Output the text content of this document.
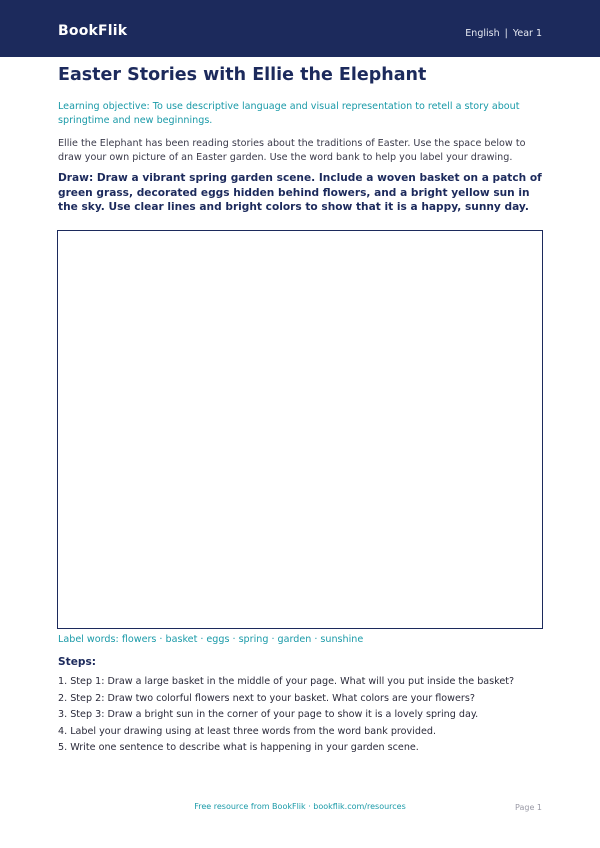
BookFlik	English | Year 1
Easter Stories with Ellie the Elephant

Learning objective: To use descriptive language and visual representation to retell a story about springtime and new beginnings.

Ellie the Elephant has been reading stories about the traditions of Easter. Use the space below to draw your own picture of an Easter garden. Use the word bank to help you label your drawing.

Draw: Draw a vibrant spring garden scene. Include a woven basket on a patch of green grass, decorated eggs hidden behind flowers, and a bright yellow sun in the sky. Use clear lines and bright colors to show that it is a happy, sunny day.

Label words: flowers · basket · eggs · spring · garden · sunshine
Steps:
1. Step 1: Draw a large basket in the middle of your page. What will you put inside the basket?
2. Step 2: Draw two colorful flowers next to your basket. What colors are your flowers?
3. Step 3: Draw a bright sun in the corner of your page to show it is a lovely spring day.
4. Label your drawing using at least three words from the word bank provided.
5. Write one sentence to describe what is happening in your garden scene.
Free resource from BookFlik · bookflik.com/resources	Page 1
